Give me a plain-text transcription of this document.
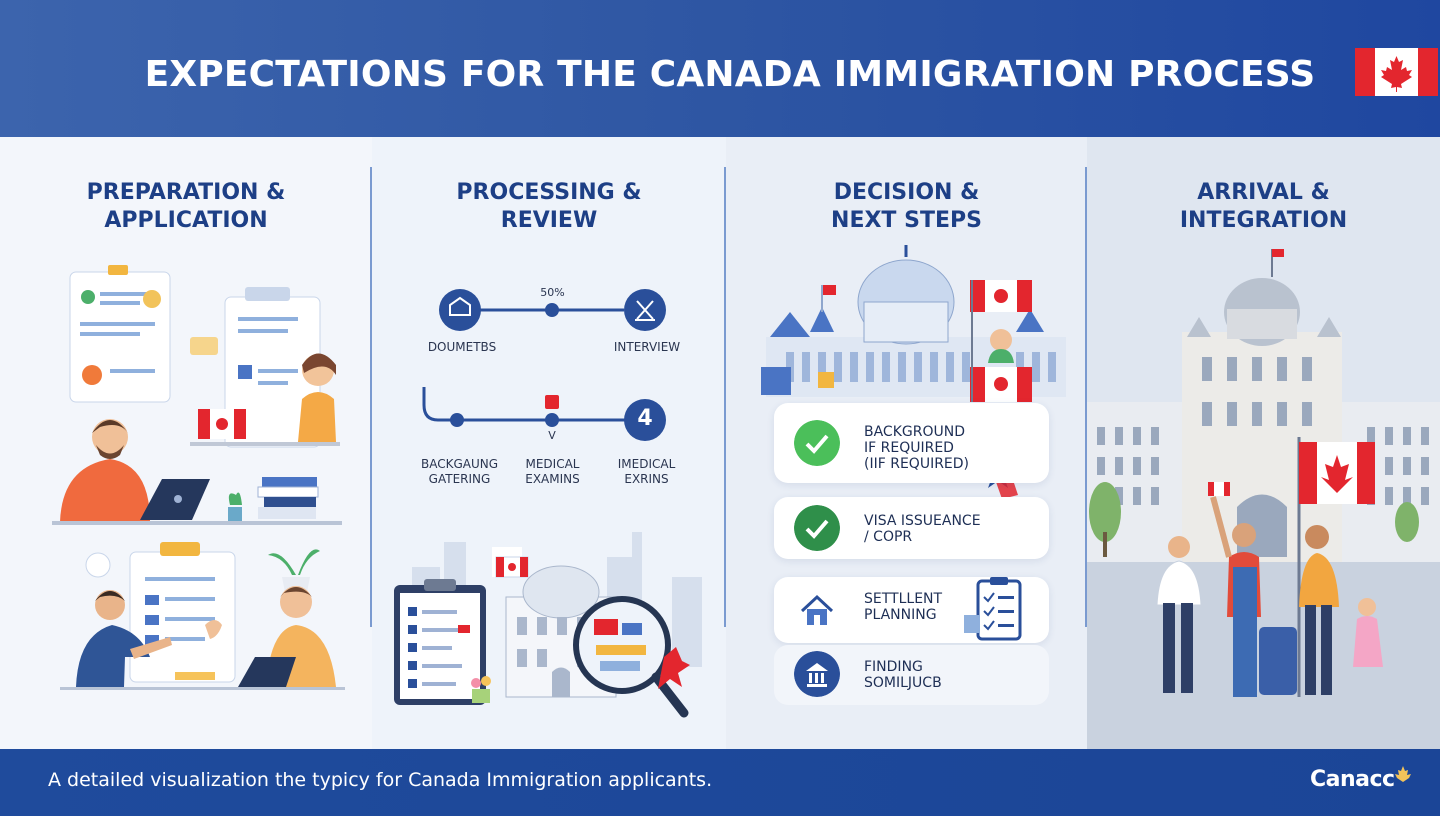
EXPECTATIONS FOR THE CANADA IMMIGRATION PROCESS
PREPARATION &
APPLICATION
PROCESSING &
REVIEW
50%
DOUMETBS	INTERVIEW
BACKGAUNG
GATERING
V
MEDICAL
EXAMINS
4
IMEDICAL
EXRINS
DECISION &
NEXT STEPS
BACKGROUND
IF REQUIRED
(IIF REQUIRED)
VISA ISSUEANCE
/ COPR
SETTLLENT
PLANNING
FINDING
SOMILJUCB
ARRIVAL &
INTEGRATION
A detailed visualization the typicy for Canada Immigration applicants.	Canacc
